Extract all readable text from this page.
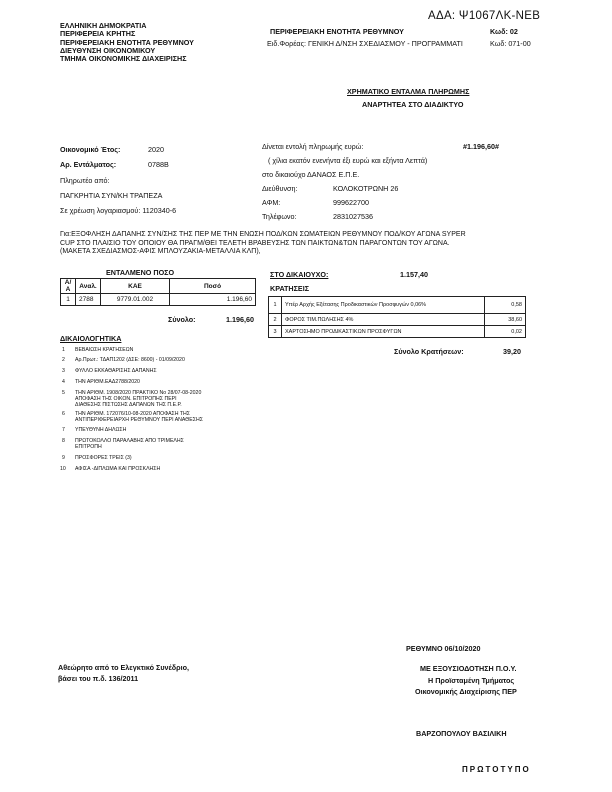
ΑΔΑ: Ψ1067ΛΚ-ΝΕΒ
ΕΛΛΗΝΙΚΗ ΔΗΜΟΚΡΑΤΙΑ
ΠΕΡΙΦΕΡΕΙΑ ΚΡΗΤΗΣ
ΠΕΡΙΦΕΡΕΙΑΚΗ ΕΝΟΤΗΤΑ ΡΕΘΥΜΝΟΥ
ΔΙΕΥΘΥΝΣΗ ΟΙΚΟΝΟΜΙΚΟΥ
ΤΜΗΜΑ ΟΙΚΟΝΟΜΙΚΗΣ ΔΙΑΧΕΙΡΙΣΗΣ
ΠΕΡΙΦΕΡΕΙΑΚΗ ΕΝΟΤΗΤΑ ΡΕΘΥΜΝΟΥ	Κωδ: 02
Ειδ.Φορέας: ΓΕΝΙΚΗ Δ/ΝΣΗ ΣΧΕΔΙΑΣΜΟΥ - ΠΡΟΓΡΑΜΜΑΤΙ	Κωδ: 071-00
ΧΡΗΜΑΤΙΚΟ ΕΝΤΑΛΜΑ ΠΛΗΡΩΜΗΣ
ΑΝΑΡΤΗΤΕΑ ΣΤΟ ΔΙΑΔΙΚΤΥΟ
Οικονομικό Έτος:	2020
Αρ. Εντάλματος:	0788Β
Πληρωτέο από:
ΠΑΓΚΡΗΤΙΑ ΣΥΝ/ΚΗ ΤΡΑΠΕΖΑ
Σε χρέωση λογαριασμού: 1120340-6
Δίνεται εντολή πληρωμής ευρώ:	#1.196,60#
( χίλια εκατόν ενενήντα έξι ευρώ και εξήντα Λεπτά)
στο δικαιούχο ΔΑΝΑΟΣ Ε.Π.Ε.
Διεύθυνση:	ΚΟΛΟΚΟΤΡΩΝΗ 26
ΑΦΜ:	999622700
Τηλέφωνο:	2831027536
Για:ΕΞΟΦΛΗΣΗ ΔΑΠΑΝΗΣ ΣΥΝ/ΣΗΣ ΤΗΣ ΠΕΡ ΜΕ ΤΗΝ ΕΝΩΣΗ ΠΟΔ/ΚΩΝ ΣΩΜΑΤΕΙΩΝ ΡΕΘΥΜΝΟΥ ΠΟΔ/ΚΟΥ ΑΓΩΝΑ SYPER
CUP ΣΤΟ ΠΛΑΙΣΙΟ ΤΟΥ ΟΠΟΙΟΥ ΘΑ ΠΡΑΓΜ/ΘΕΙ ΤΕΛΕΤΗ ΒΡΑΒΕΥΣΗΣ ΤΩΝ ΠΑΙΚΤΩΝ&ΤΩΝ ΠΑΡΑΓΟΝΤΩΝ ΤΟΥ ΑΓΩΝΑ.
(ΜΑΚΕΤΑ ΣΧΕΔΙΑΣΜΟΣ-ΑΦΙΣ ΜΠΛΟΥΖΑΚΙΑ-ΜΕΤΑΛΛΙΑ ΚΛΠ),
ΕΝΤΑΛΜΕΝΟ ΠΟΣΟ
Α/Α	Αναλ.	ΚΑΕ	Ποσό
1	2788	9779.01.002	1.196,60
Σύνολο:	1.196,60
ΣΤΟ ΔΙΚΑΙΟΥΧΟ:	1.157,40
ΚΡΑΤΗΣΕΙΣ
1	Υπέρ Αρχής Εξέτασης Προδικαστικών Προσφυγών 0,06%	0,58
2	ΦΟΡΟΣ ΤΙΜ.ΠΩΛΗΣΗΣ 4%	38,60
3	ΧΑΡΤΟΣΗΜΟ ΠΡΟΔΙΚΑΣΤΙΚΩΝ ΠΡΟΣΦΥΓΩΝ	0,02
Σύνολο Κρατήσεων:	39,20
ΔΙΚΑΙΟΛΟΓΗΤΙΚΑ
1 ΒΕΒΑΙΩΣΗ ΚΡΑΤΗΣΕΩΝ
2 Αρ.Πρωτ.: ΤΔΑΠ1202 (ΔΣΕ: 8600) - 01/09/2020
3 ΦΥΛΛΟ ΕΚΚΑΘΑΡΙΣΗΣ ΔΑΠΑΝΗΣ
4 ΤΗΝ ΑΡΙΘΜ.ΕΑΔ2788/2020
5 ΤΗΝ ΑΡΙΘΜ. 1908/2020 ΠΡΑΚΤΙΚΟ Νο 28/07-08-2020
ΑΠΟΦΑΣΗ ΤΗΣ ΟΙΚΟΝ. ΕΠΙΤΡΟΠΗΣ ΠΕΡΙ
ΔΙΑΘΕΣΗΣ ΠΙΣΤΩΣΗΣ ΔΑΠΑΝΩΝ ΤΗΣ Π.Ε.Ρ.
6 ΤΗΝ ΑΡΙΘΜ. 172076/10-08-2020 ΑΠΟΦΑΣΗ ΤΗΣ
ΑΝΤΙΠΕΡΙΦΕΡΕΙΑΡΧΗ ΡΕΘΥΜΝΟΥ ΠΕΡΙ ΑΝΑΘΕΣΗΣ
7 ΥΠΕΥΘΥΝΗ ΔΗΛΩΣΗ
8 ΠΡΩΤΟΚΟΛΛΟ ΠΑΡΑΛΑΒΗΣ ΑΠΟ ΤΡΙΜΕΛΗΣ
ΕΠΙΤΡΟΠΗ
9 ΠΡΟΣΦΟΡΕΣ ΤΡΕΙΣ (3)
10 ΑΦΙΣΑ -ΔΙΠΛΩΜΑ ΚΑΙ ΠΡΟΣΚΛΗΣΗ
ΡΕΘΥΜΝΟ 06/10/2020
Αθεώρητο από το Ελεγκτικό Συνέδριο,
βάσει του π.δ. 136/2011
ΜΕ ΕΞΟΥΣΙΟΔΟΤΗΣΗ Π.Ο.Υ.
Η Προϊσταμένη Τμήματος
Οικονομικής Διαχείρισης ΠΕΡ
ΒΑΡΖΟΠΟΥΛΟΥ ΒΑΣΙΛΙΚΗ
ΠΡΩΤΟΤΥΠΟ
